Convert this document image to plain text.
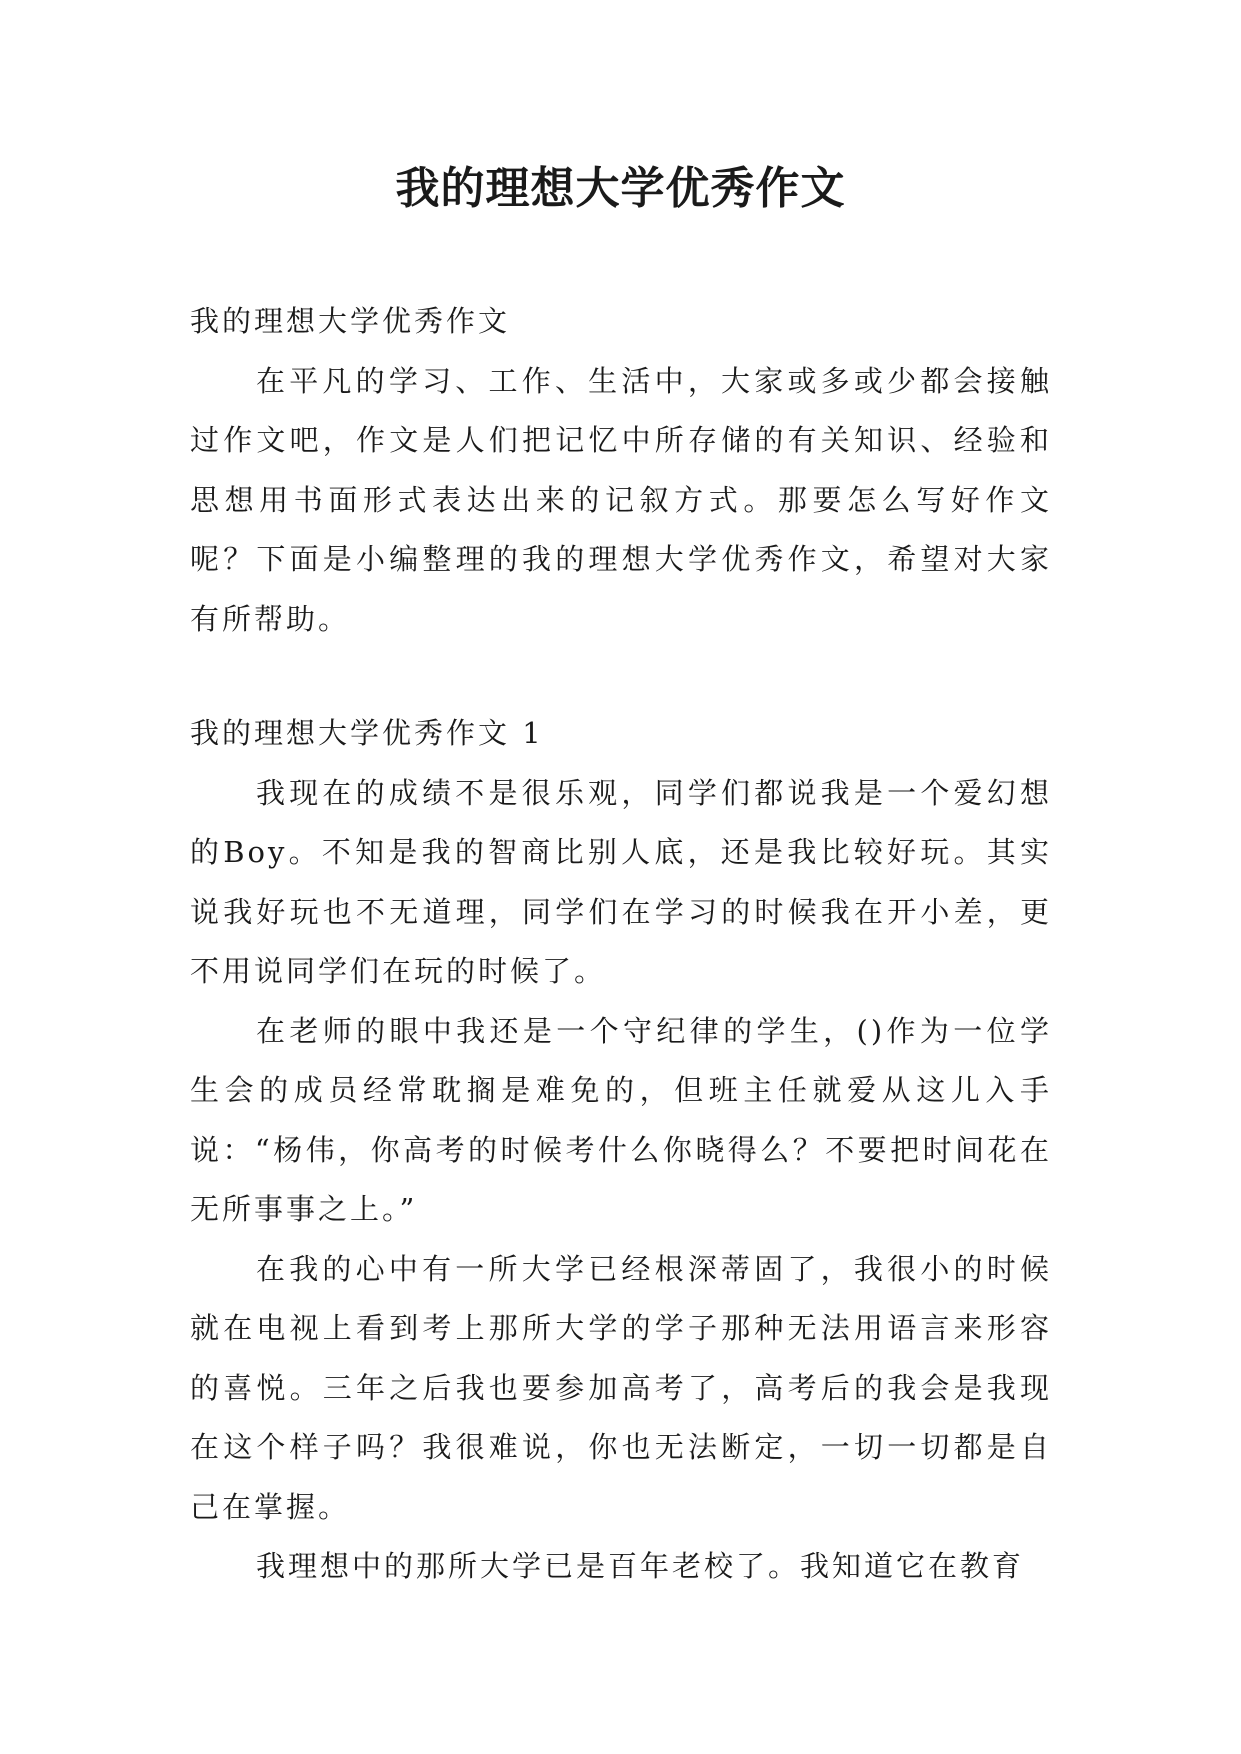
我的理想大学优秀作文

我的理想大学优秀作文

在平凡的学习、工作、生活中，大家或多或少都会接触过作文吧，作文是人们把记忆中所存储的有关知识、经验和思想用书面形式表达出来的记叙方式。那要怎么写好作文呢？下面是小编整理的我的理想大学优秀作文，希望对大家有所帮助。

我的理想大学优秀作文 1

我现在的成绩不是很乐观，同学们都说我是一个爱幻想的Boy。不知是我的智商比别人底，还是我比较好玩。其实说我好玩也不无道理，同学们在学习的时候我在开小差，更不用说同学们在玩的时候了。

在老师的眼中我还是一个守纪律的学生，()作为一位学生会的成员经常耽搁是难免的，但班主任就爱从这儿入手说：“杨伟，你高考的时候考什么你晓得么？不要把时间花在无所事事之上。”

在我的心中有一所大学已经根深蒂固了，我很小的时候就在电视上看到考上那所大学的学子那种无法用语言来形容的喜悦。三年之后我也要参加高考了，高考后的我会是我现在这个样子吗？我很难说，你也无法断定，一切一切都是自己在掌握。

我理想中的那所大学已是百年老校了。我知道它在教育
